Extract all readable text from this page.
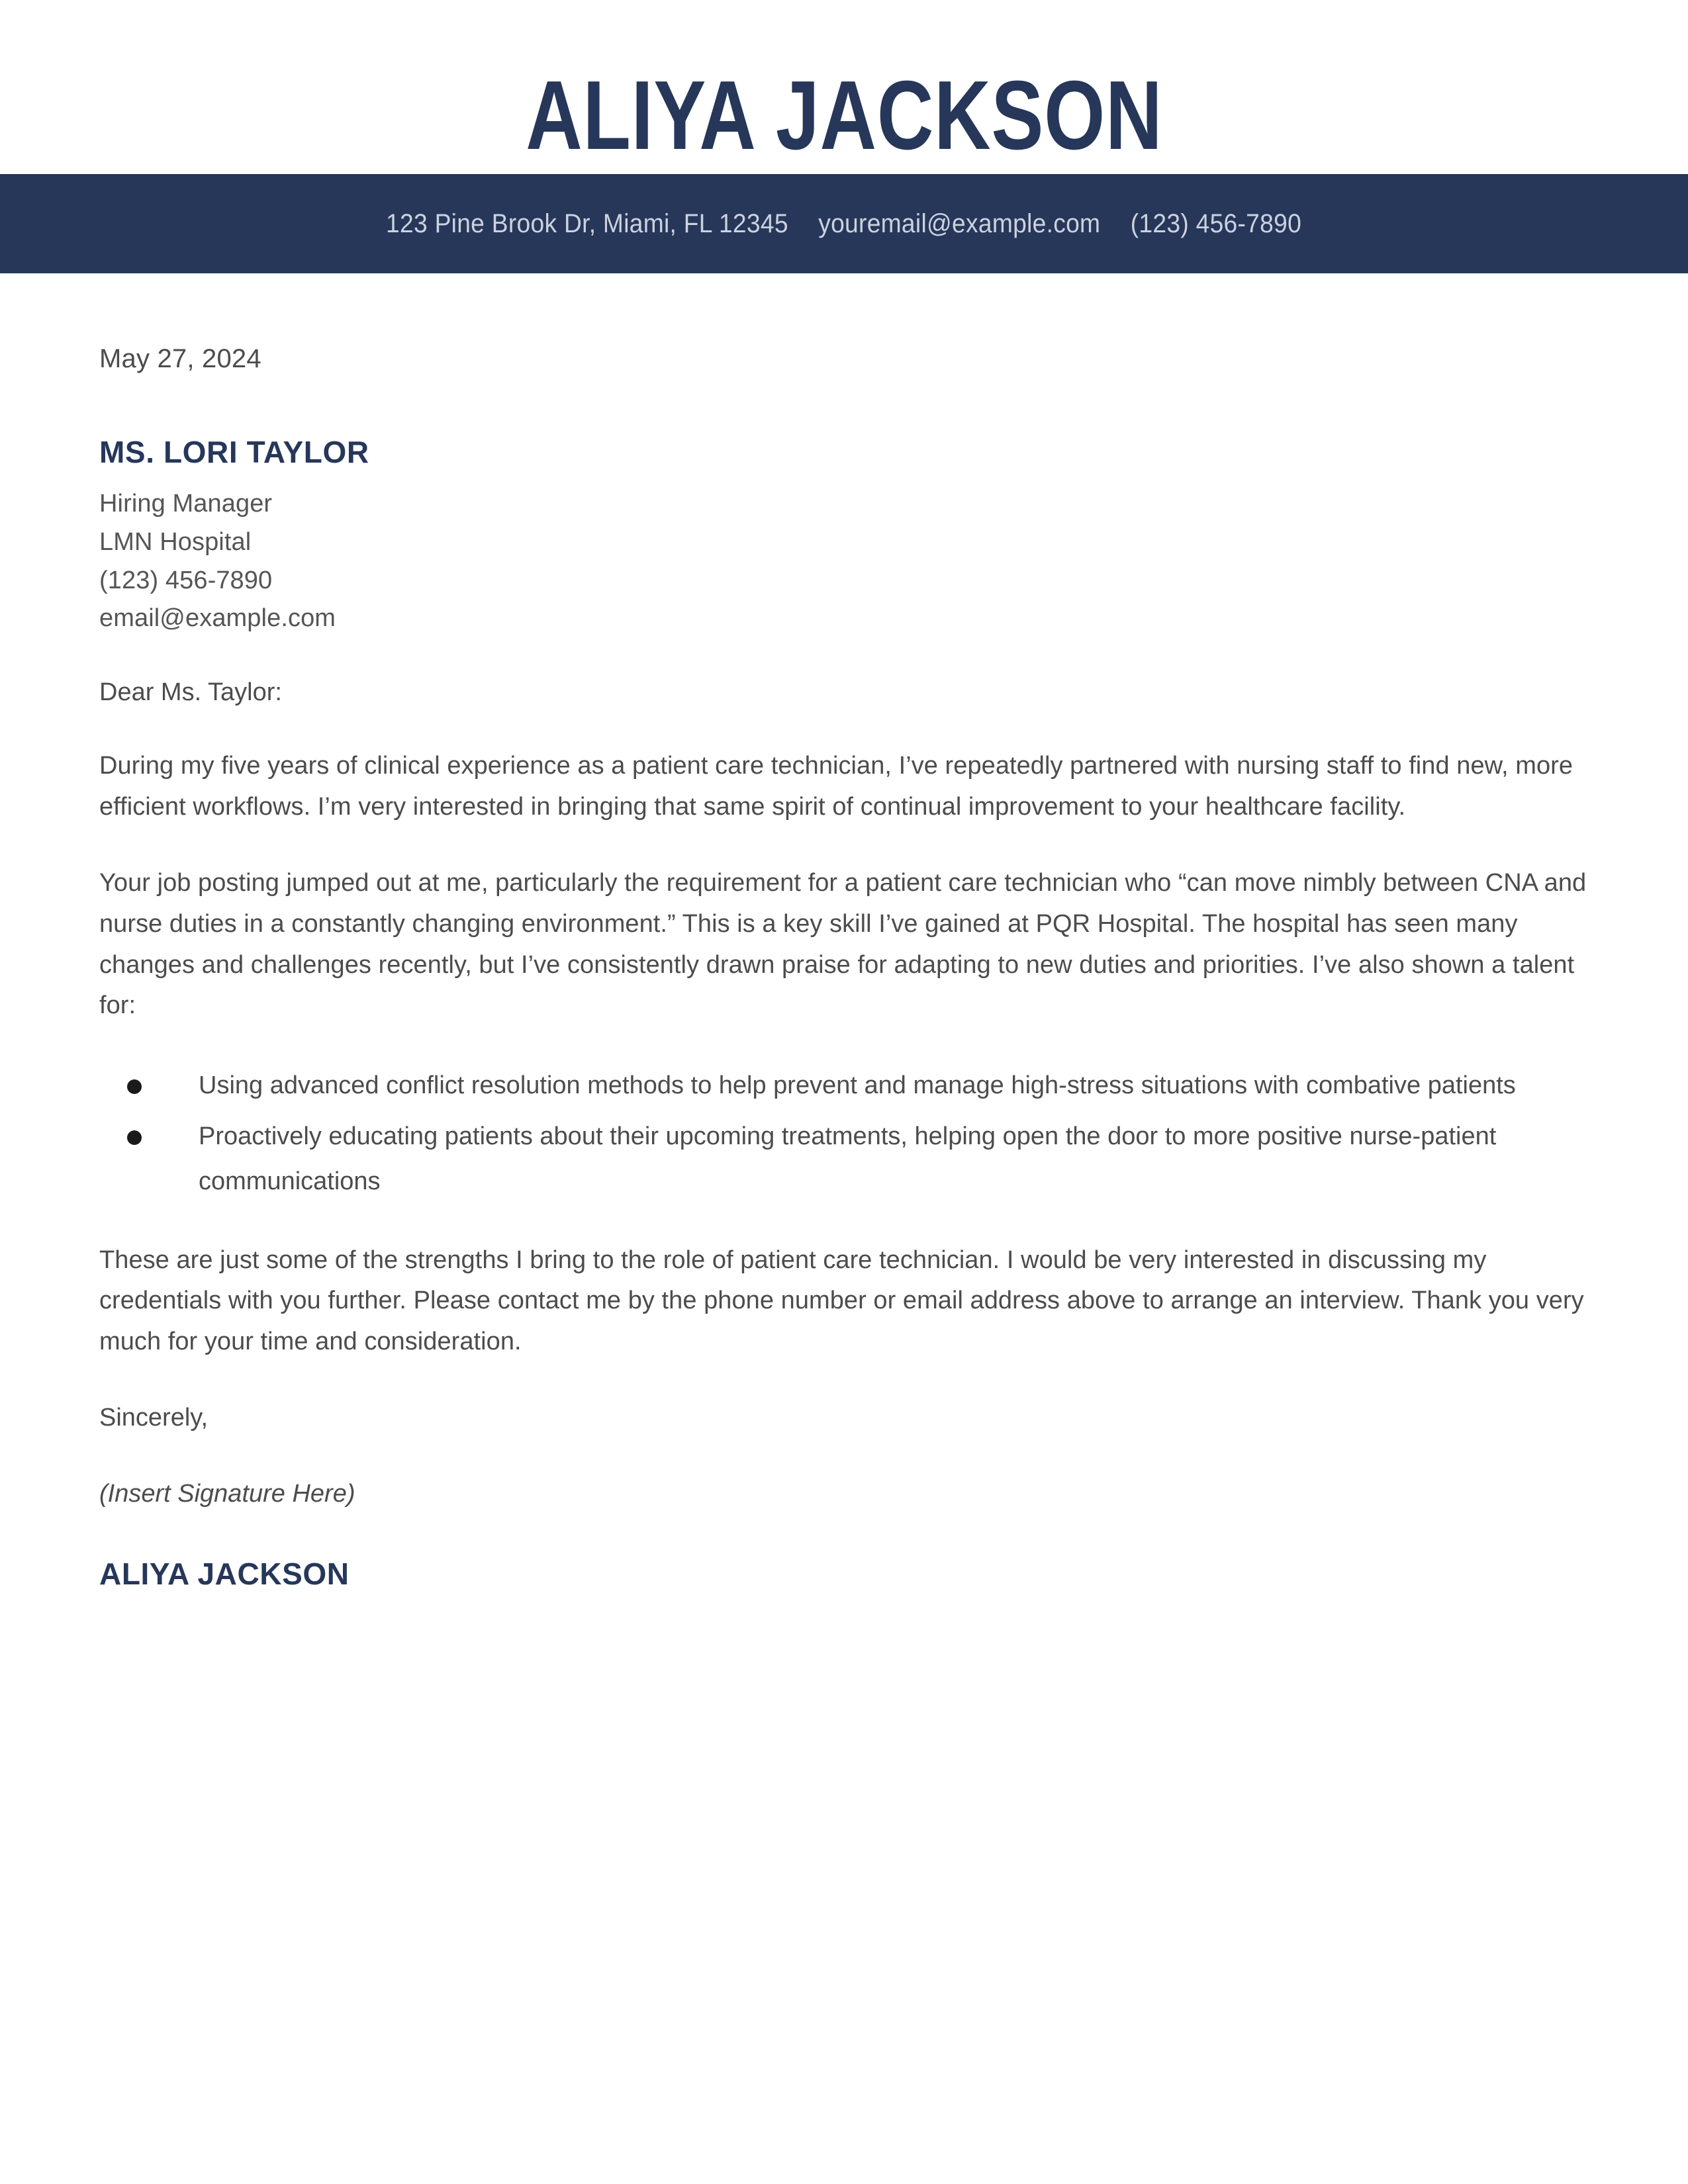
ALIYA JACKSON
123 Pine Brook Dr, Miami, FL 12345 youremail@example.com (123) 456-7890
May 27, 2024
MS. LORI TAYLOR
Hiring Manager
LMN Hospital
(123) 456-7890
email@example.com
Dear Ms. Taylor:
During my five years of clinical experience as a patient care technician, I’ve repeatedly partnered with nursing staff to find new, more efficient workflows. I’m very interested in bringing that same spirit of continual improvement to your healthcare facility.
Your job posting jumped out at me, particularly the requirement for a patient care technician who “can move nimbly between CNA and nurse duties in a constantly changing environment.” This is a key skill I’ve gained at PQR Hospital. The hospital has seen many changes and challenges recently, but I’ve consistently drawn praise for adapting to new duties and priorities. I’ve also shown a talent for:
Using advanced conflict resolution methods to help prevent and manage high-stress situations with combative patients
Proactively educating patients about their upcoming treatments, helping open the door to more positive nurse-patient communications
These are just some of the strengths I bring to the role of patient care technician. I would be very interested in discussing my credentials with you further. Please contact me by the phone number or email address above to arrange an interview. Thank you very much for your time and consideration.
Sincerely,
(Insert Signature Here)
ALIYA JACKSON
